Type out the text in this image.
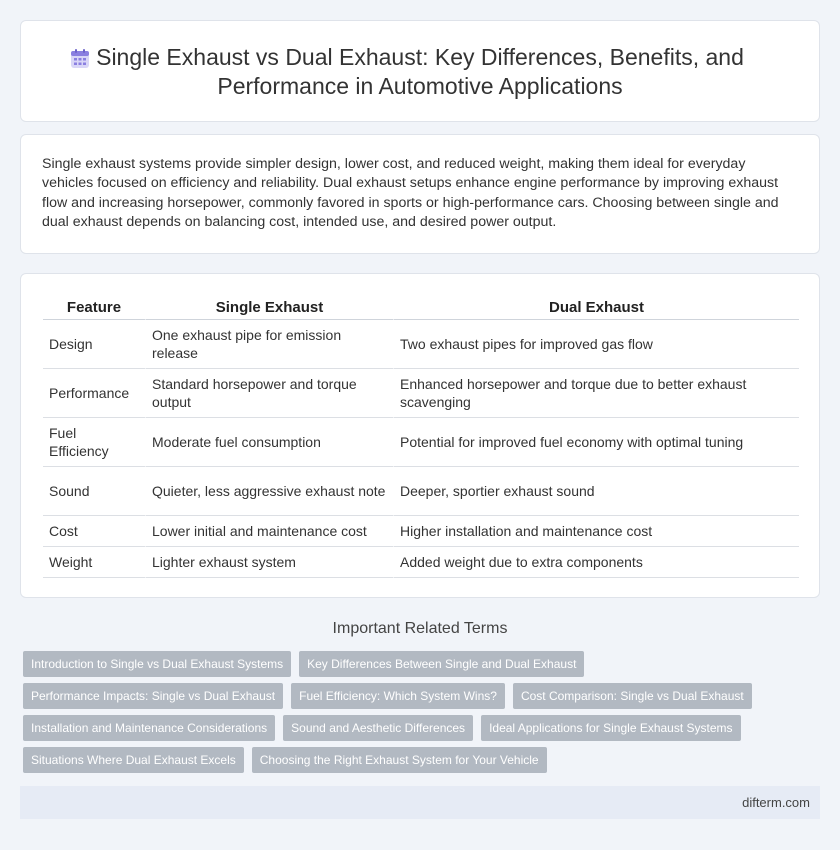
Single Exhaust vs Dual Exhaust: Key Differences, Benefits, and Performance in Automotive Applications

Single exhaust systems provide simpler design, lower cost, and reduced weight, making them ideal for everyday vehicles focused on efficiency and reliability. Dual exhaust setups enhance engine performance by improving exhaust flow and increasing horsepower, commonly favored in sports or high-performance cars. Choosing between single and dual exhaust depends on balancing cost, intended use, and desired power output.

Feature	Single Exhaust	Dual Exhaust
Design	One exhaust pipe for emission release	Two exhaust pipes for improved gas flow
Performance	Standard horsepower and torque output	Enhanced horsepower and torque due to better exhaust scavenging
Fuel Efficiency	Moderate fuel consumption	Potential for improved fuel economy with optimal tuning
Sound	Quieter, less aggressive exhaust note	Deeper, sportier exhaust sound
Cost	Lower initial and maintenance cost	Higher installation and maintenance cost
Weight	Lighter exhaust system	Added weight due to extra components
Important Related Terms
Introduction to Single vs Dual Exhaust Systems	Key Differences Between Single and Dual Exhaust
Performance Impacts: Single vs Dual Exhaust	Fuel Efficiency: Which System Wins?	Cost Comparison: Single vs Dual Exhaust
Installation and Maintenance Considerations	Sound and Aesthetic Differences	Ideal Applications for Single Exhaust Systems
Situations Where Dual Exhaust Excels	Choosing the Right Exhaust System for Your Vehicle
difterm.com
